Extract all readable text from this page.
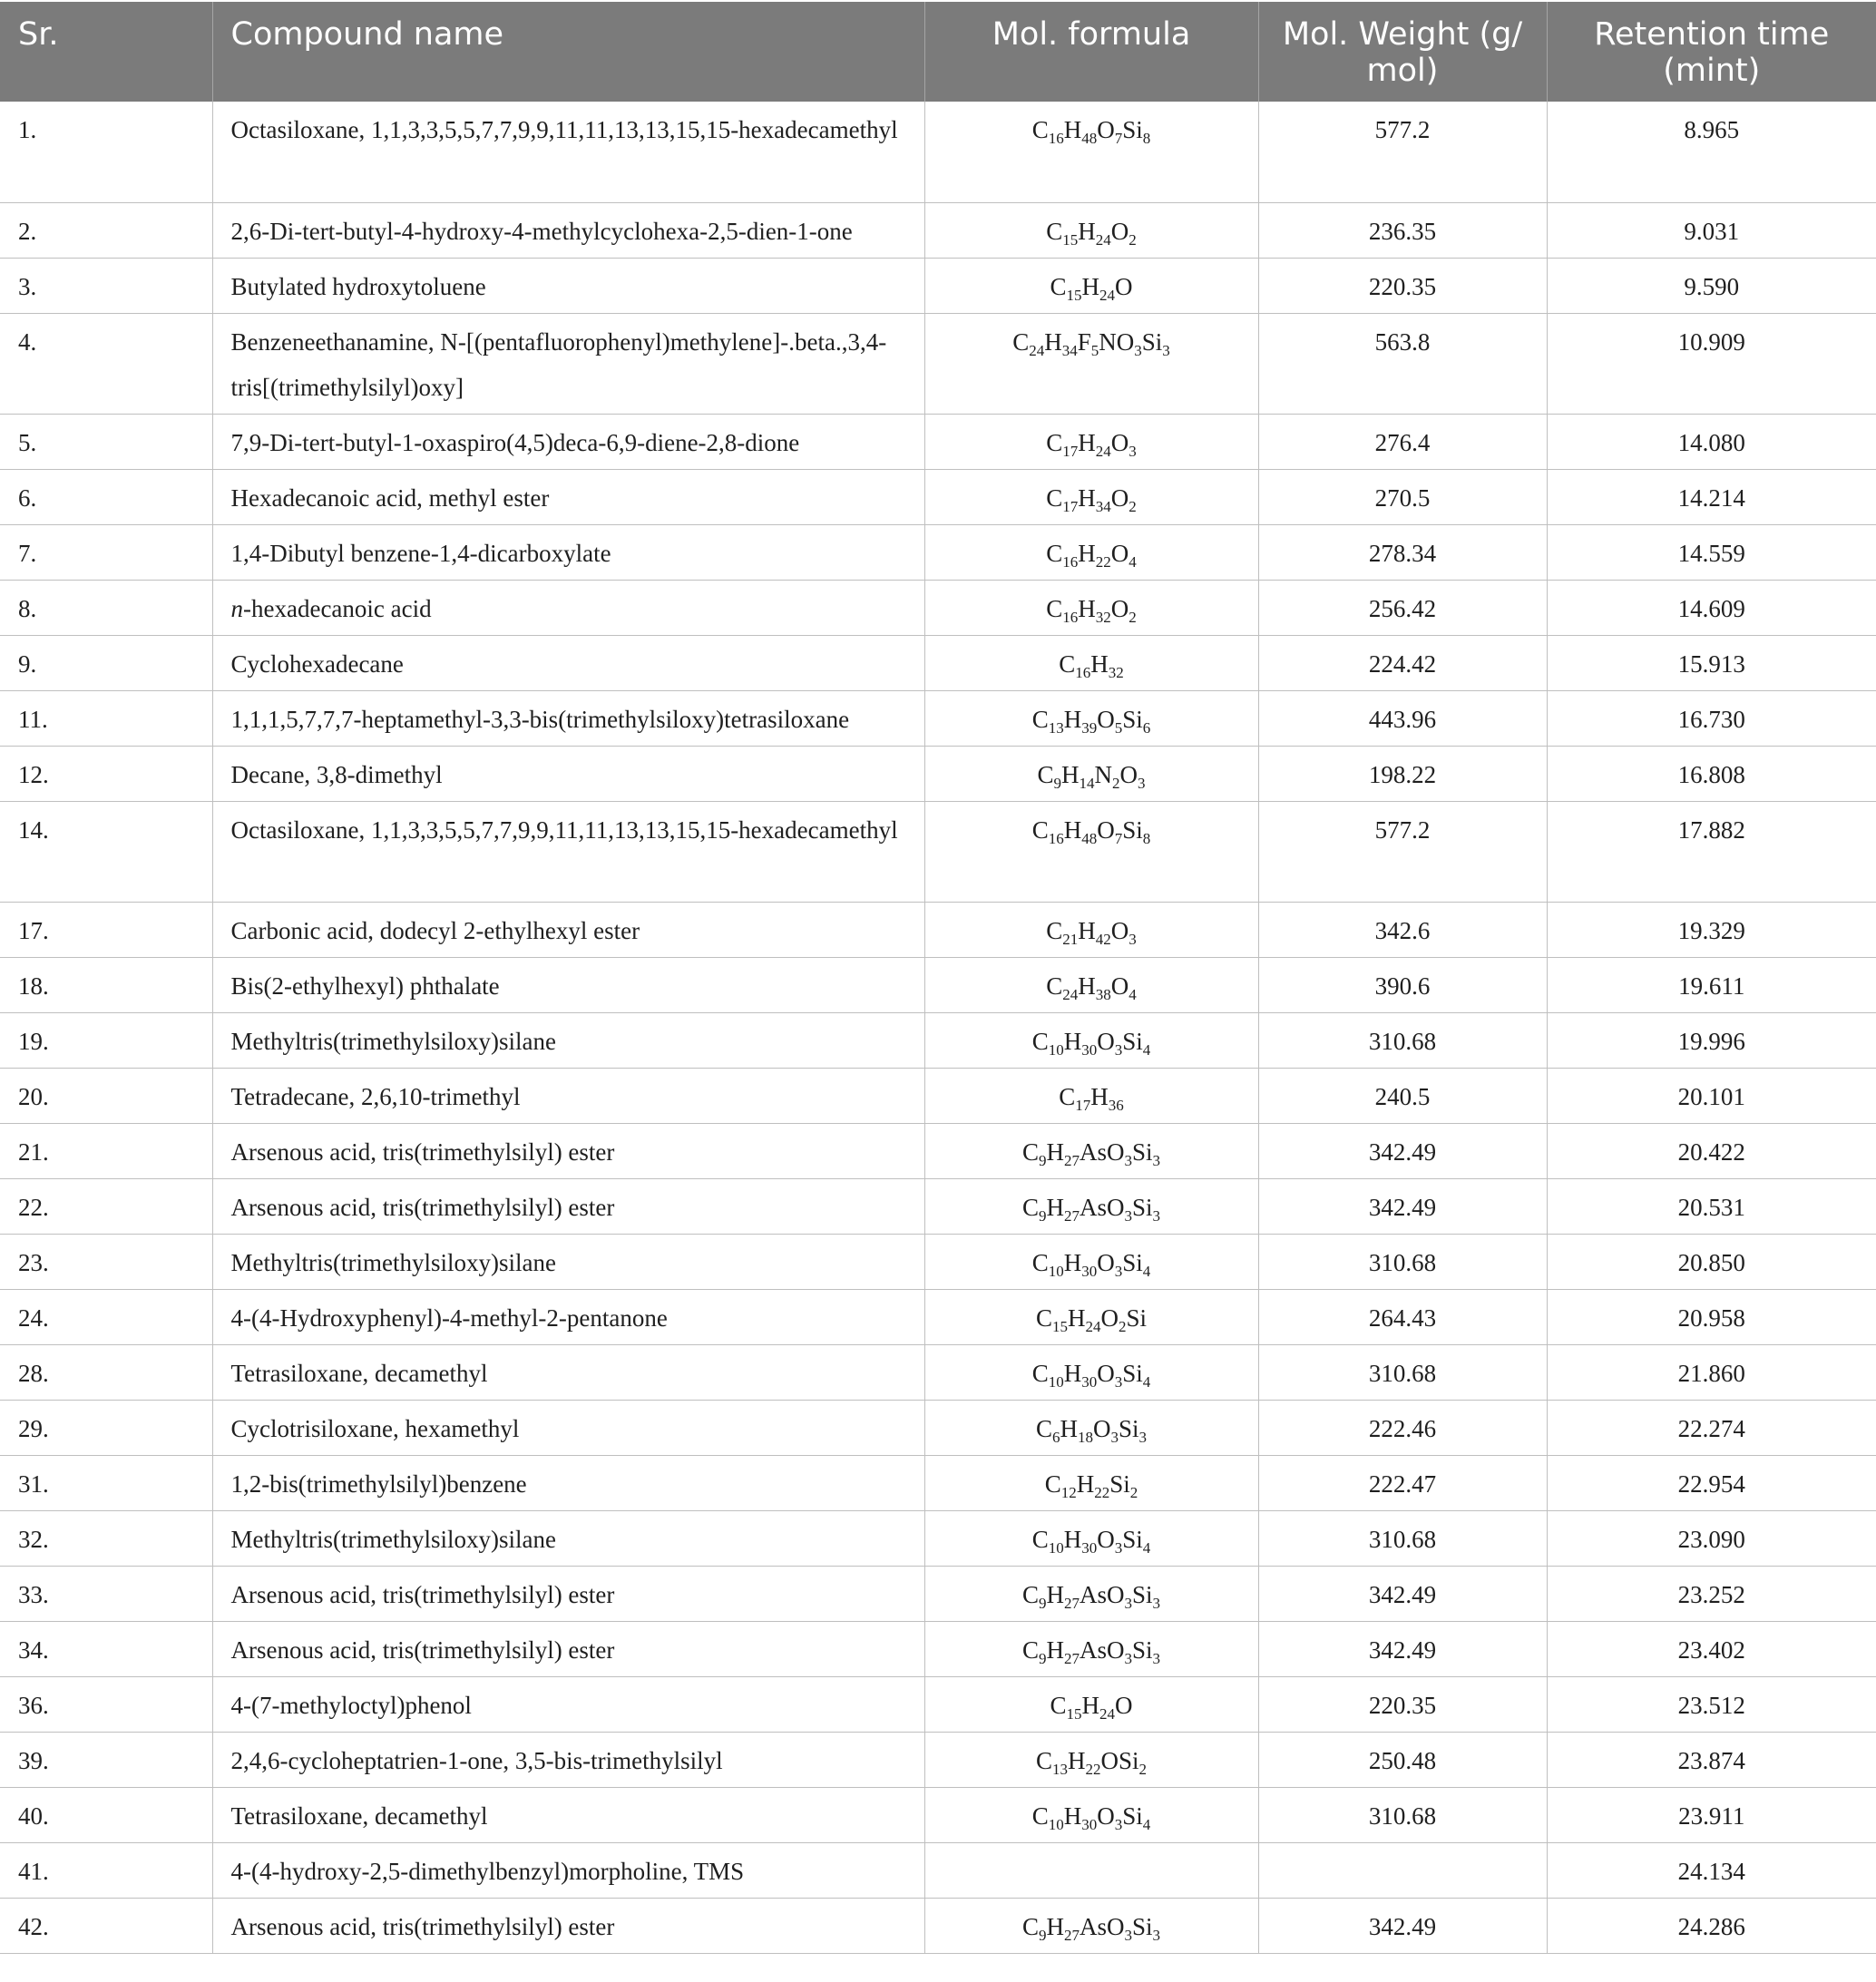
Sr.	Compound name	Mol. formula	Mol. Weight (g/ mol)	Retention time (mint)
1.	Octasiloxane, 1,1,3,3,5,5,7,7,9,9,11,11,13,13,15,15-hexadecamethyl	$C_{16}H_{48}O_7Si_8$	577.2	8.965
2.	2,6-Di-tert-butyl-4-hydroxy-4-methylcyclohexa-2,5-dien-1-one	$C_{15}H_{24}O_2$	236.35	9.031
3.	Butylated hydroxytoluene	$C_{15}H_{24}O$	220.35	9.590
4.	Benzeneethanamine, N-[(pentafluorophenyl)methylene]-.beta.,3,4-tris[(trimethylsilyl)oxy]	$C_{24}H_{34}F_5NO_3Si_3$	563.8	10.909
5.	7,9-Di-tert-butyl-1-oxaspiro(4,5)deca-6,9-diene-2,8-dione	$C_{17}H_{24}O_3$	276.4	14.080
6.	Hexadecanoic acid, methyl ester	$C_{17}H_{34}O_2$	270.5	14.214
7.	1,4-Dibutyl benzene-1,4-dicarboxylate	$C_{16}H_{22}O_4$	278.34	14.559
8.	n-hexadecanoic acid	$C_{16}H_{32}O_2$	256.42	14.609
9.	Cyclohexadecane	$C_{16}H_{32}$	224.42	15.913
11.	1,1,1,5,7,7,7-heptamethyl-3,3-bis(trimethylsiloxy)tetrasiloxane	$C_{13}H_{39}O_5Si_6$	443.96	16.730
12.	Decane, 3,8-dimethyl	$C_9H_{14}N_2O_3$	198.22	16.808
14.	Octasiloxane, 1,1,3,3,5,5,7,7,9,9,11,11,13,13,15,15-hexadecamethyl	$C_{16}H_{48}O_7Si_8$	577.2	17.882
17.	Carbonic acid, dodecyl 2-ethylhexyl ester	$C_{21}H_{42}O_3$	342.6	19.329
18.	Bis(2-ethylhexyl) phthalate	$C_{24}H_{38}O_4$	390.6	19.611
19.	Methyltris(trimethylsiloxy)silane	$C_{10}H_{30}O_3Si_4$	310.68	19.996
20.	Tetradecane, 2,6,10-trimethyl	$C_{17}H_{36}$	240.5	20.101
21.	Arsenous acid, tris(trimethylsilyl) ester	$C_9H_{27}AsO_3Si_3$	342.49	20.422
22.	Arsenous acid, tris(trimethylsilyl) ester	$C_9H_{27}AsO_3Si_3$	342.49	20.531
23.	Methyltris(trimethylsiloxy)silane	$C_{10}H_{30}O_3Si_4$	310.68	20.850
24.	4-(4-Hydroxyphenyl)-4-methyl-2-pentanone	$C_{15}H_{24}O_2Si$	264.43	20.958
28.	Tetrasiloxane, decamethyl	$C_{10}H_{30}O_3Si_4$	310.68	21.860
29.	Cyclotrisiloxane, hexamethyl	$C_6H_{18}O_3Si_3$	222.46	22.274
31.	1,2-bis(trimethylsilyl)benzene	$C_{12}H_{22}Si_2$	222.47	22.954
32.	Methyltris(trimethylsiloxy)silane	$C_{10}H_{30}O_3Si_4$	310.68	23.090
33.	Arsenous acid, tris(trimethylsilyl) ester	$C_9H_{27}AsO_3Si_3$	342.49	23.252
34.	Arsenous acid, tris(trimethylsilyl) ester	$C_9H_{27}AsO_3Si_3$	342.49	23.402
36.	4-(7-methyloctyl)phenol	$C_{15}H_{24}O$	220.35	23.512
39.	2,4,6-cycloheptatrien-1-one, 3,5-bis-trimethylsilyl	$C_{13}H_{22}OSi_2$	250.48	23.874
40.	Tetrasiloxane, decamethyl	$C_{10}H_{30}O_3Si_4$	310.68	23.911
41.	4-(4-hydroxy-2,5-dimethylbenzyl)morpholine, TMS			24.134
42.	Arsenous acid, tris(trimethylsilyl) ester	$C_9H_{27}AsO_3Si_3$	342.49	24.286
